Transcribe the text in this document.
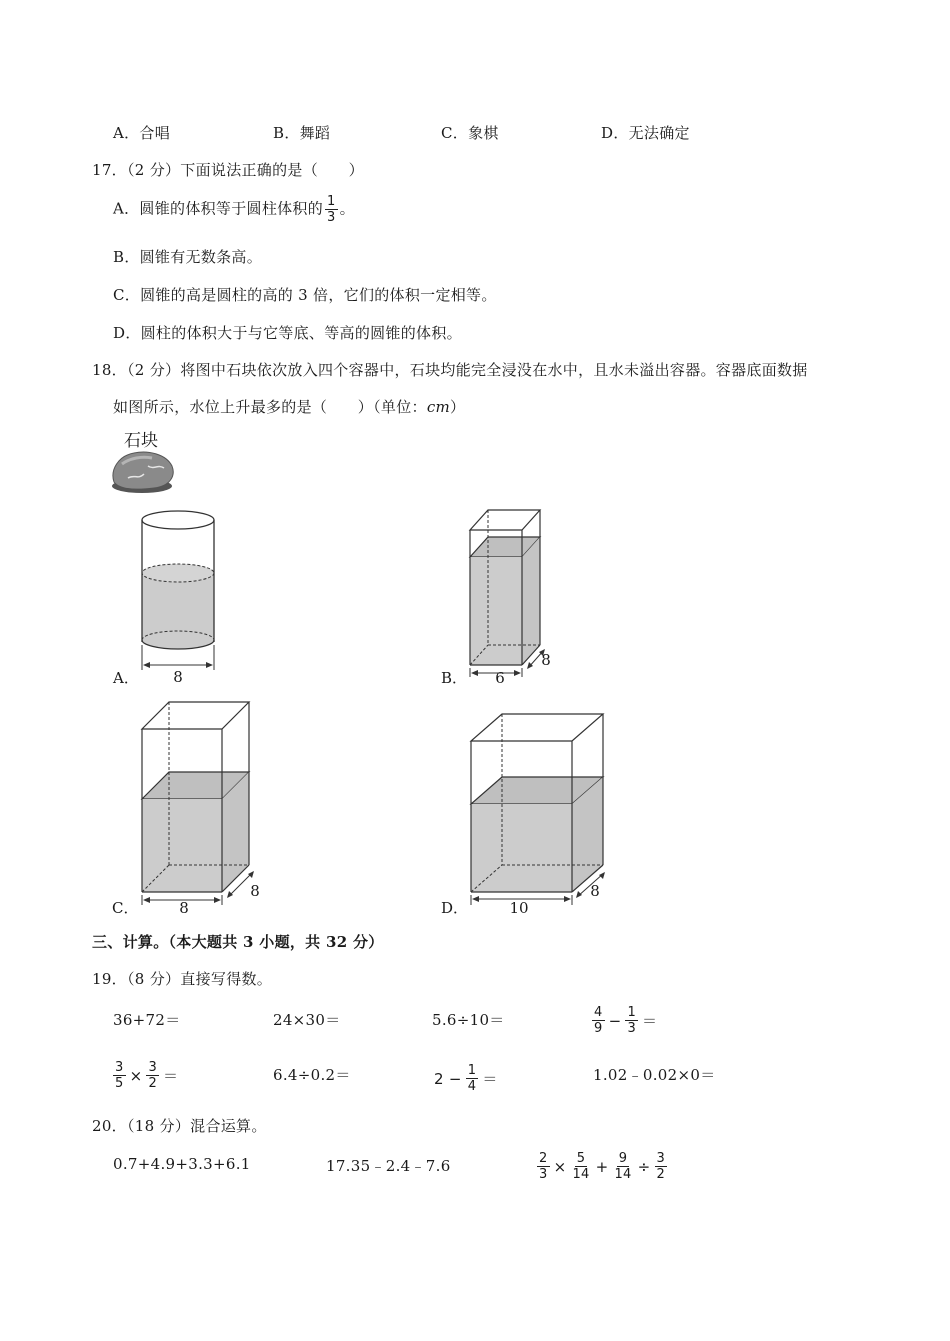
A．合唱	B．舞蹈	C．象棋	D．无法确定
17．（2 分）下面说法正确的是（　　）
A．圆锥的体积等于圆柱体积的 $\frac{1}{3}$ 。
B．圆锥有无数条高。
C．圆锥的高是圆柱的高的 3 倍，它们的体积一定相等。
D．圆柱的体积大于与它等底、等高的圆锥的体积。
18．（2 分）将图中石块依次放入四个容器中，石块均能完全浸没在水中，且水未溢出容器。容器底面数据
如图所示，水位上升最多的是（　　）（单位：cm）
石块
A． 8	B． 6
8
C．	8
8
D．	10
8
三、计算。（本大题共 3 小题，共 32 分）
19．（8 分）直接写得数。
36+72＝	24×30＝	5.6÷10＝	$\frac{4}{9} - \frac{1}{3}$ ＝
$\frac{3}{5} \times \frac{3}{2}$ ＝	6.4÷0.2＝	$2 - \frac{1}{4}$ ＝	1.02﹣0.02×0＝
20．（18 分）混合运算。
0.7+4.9+3.3+6.1	17.35﹣2.4﹣7.6	$\frac{2}{3} \times \frac{5}{14} + \frac{9}{14} \div \frac{3}{2}$
